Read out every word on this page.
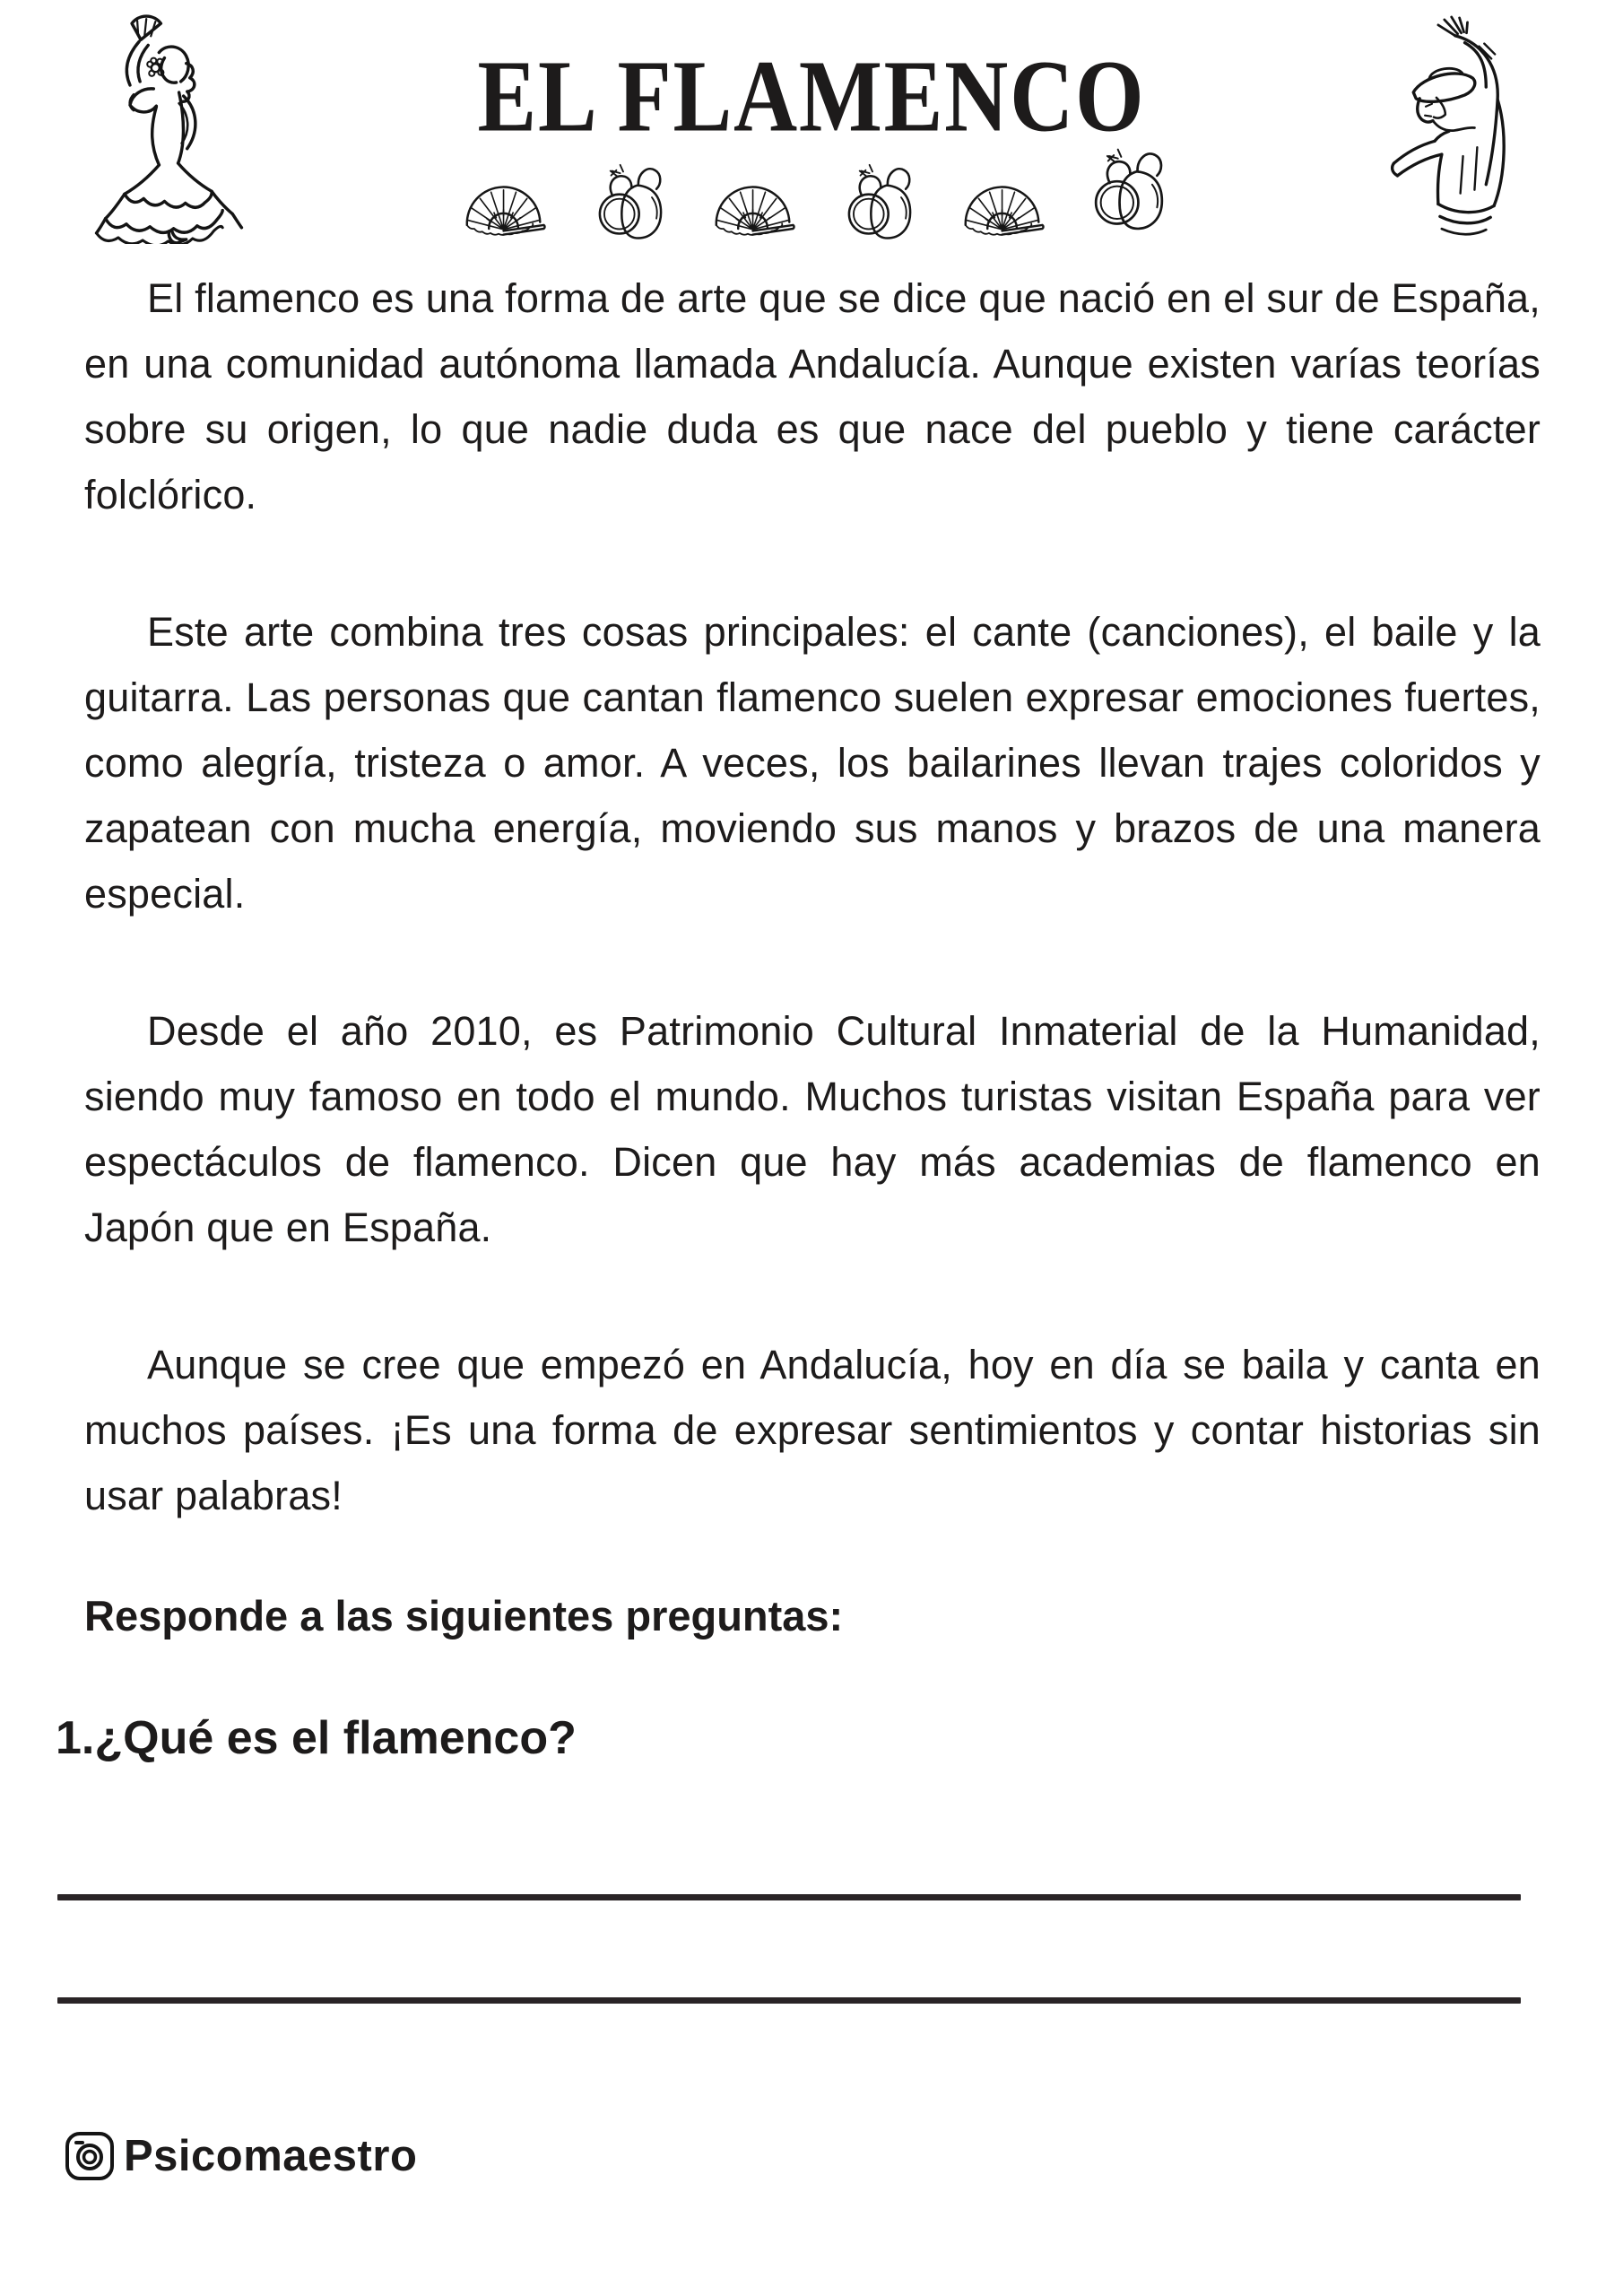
EL FLAMENCO

El flamenco es una forma de arte que se dice que nació en el sur de España, en una comunidad autónoma llamada Andalucía. Aunque existen varías teorías sobre su origen, lo que nadie duda es que nace del pueblo y tiene carácter folclórico.

Este arte combina tres cosas principales: el cante (canciones), el baile y la guitarra. Las personas que cantan flamenco suelen expresar emociones fuertes, como alegría, tristeza o amor. A veces, los bailarines llevan trajes coloridos y zapatean con mucha energía, moviendo sus manos y brazos de una manera especial.

Desde el año 2010, es Patrimonio Cultural Inmaterial de la Humanidad, siendo muy famoso en todo el mundo. Muchos turistas visitan España para ver espectáculos de flamenco. Dicen que hay más academias de flamenco en Japón que en España.

Aunque se cree que empezó en Andalucía, hoy en día se baila y canta en muchos países. ¡Es una forma de expresar sentimientos y contar historias sin usar palabras!

Responde a las siguientes preguntas:

1.¿Qué es el flamenco?

Psicomaestro
